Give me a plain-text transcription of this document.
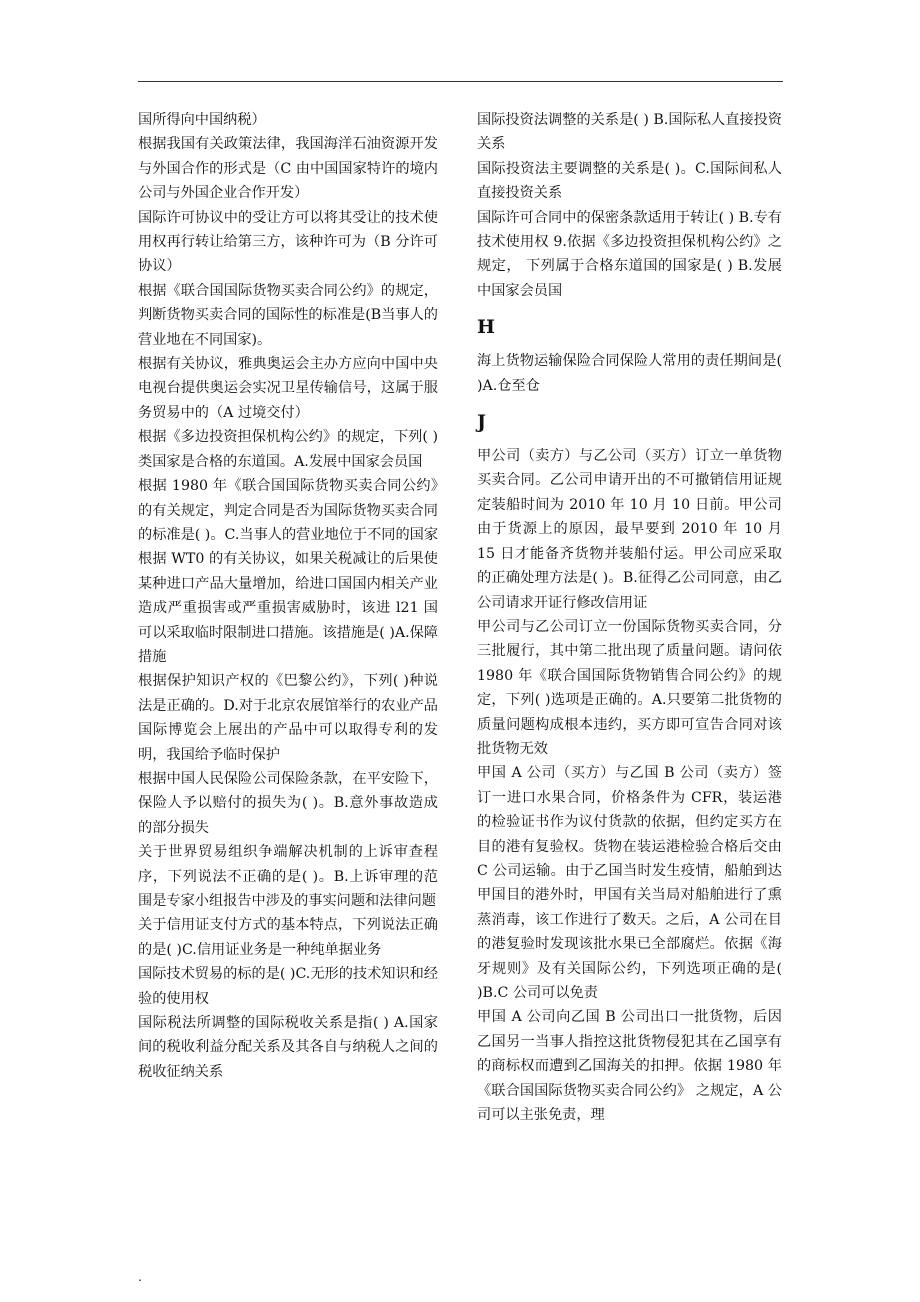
国所得向中国纳税）

根据我国有关政策法律，我国海洋石油资源开发与外国合作的形式是（C 由中国国家特许的境内公司与外国企业合作开发）

国际许可协议中的受让方可以将其受让的技术使用权再行转让给第三方，该种许可为（B 分许可协议）

根据《联合国国际货物买卖合同公约》的规定，判断货物买卖合同的国际性的标准是(B当事人的营业地在不同国家)。

根据有关协议，雅典奥运会主办方应向中国中央电视台提供奥运会实况卫星传输信号，这属于服务贸易中的（A 过境交付）

根据《多边投资担保机构公约》的规定，下列( )类国家是合格的东道国。A.发展中国家会员国

根据 1980 年《联合国国际货物买卖合同公约》的有关规定，判定合同是否为国际货物买卖合同的标准是( )。C.当事人的营业地位于不同的国家

根据 WT0 的有关协议，如果关税减让的后果使某种进口产品大量增加，给进口国国内相关产业造成严重损害或严重损害威胁时，该进 l21 国可以采取临时限制进口措施。该措施是( )A.保障措施

根据保护知识产权的《巴黎公约》，下列( )种说法是正确的。D.对于北京农展馆举行的农业产品国际博览会上展出的产品中可以取得专利的发明，我国给予临时保护

根据中国人民保险公司保险条款，在平安险下，保险人予以赔付的损失为( )。B.意外事故造成的部分损失

关于世界贸易组织争端解决机制的上诉审查程序，下列说法不正确的是( )。B.上诉审理的范围是专家小组报告中涉及的事实问题和法律问题

关于信用证支付方式的基本特点，下列说法正确的是( )C.信用证业务是一种纯单据业务

国际技术贸易的标的是( )C.无形的技术知识和经验的使用权

国际税法所调整的国际税收关系是指( ) A.国家间的税收利益分配关系及其各自与纳税人之间的税收征纳关系

国际投资法调整的关系是( ) B.国际私人直接投资关系

国际投资法主要调整的关系是( )。C.国际间私人直接投资关系

国际许可合同中的保密条款适用于转让( ) B.专有技术使用权 9.依据《多边投资担保机构公约》之规定， 下列属于合格东道国的国家是( ) B.发展中国家会员国

H

海上货物运输保险合同保险人常用的责任期间是( )A.仓至仓

J

甲公司（卖方）与乙公司（买方）订立一单货物买卖合同。乙公司申请开出的不可撤销信用证规定装船时间为 2010 年 10 月 10 日前。甲公司由于货源上的原因，最早要到 2010 年 10 月 15 日才能备齐货物并装船付运。甲公司应采取的正确处理方法是( )。B.征得乙公司同意，由乙公司请求开证行修改信用证

甲公司与乙公司订立一份国际货物买卖合同，分三批履行，其中第二批出现了质量问题。请问依 1980 年《联合国国际货物销售合同公约》的规定，下列( )选项是正确的。A.只要第二批货物的质量问题构成根本违约，买方即可宣告合同对该批货物无效

甲国 A 公司（买方）与乙国 B 公司（卖方）签订一进口水果合同，价格条件为 CFR，装运港的检验证书作为议付货款的依据，但约定买方在目的港有复验权。货物在装运港检验合格后交由 C 公司运输。由于乙国当时发生疫情，船舶到达甲国目的港外时，甲国有关当局对船舶进行了熏蒸消毒，该工作进行了数天。之后，A 公司在目的港复验时发现该批水果已全部腐烂。依据《海牙规则》及有关国际公约，下列选项正确的是( )B.C 公司可以免责

甲国 A 公司向乙国 B 公司出口一批货物，后因乙国另一当事人指控这批货物侵犯其在乙国享有的商标权而遭到乙国海关的扣押。依据 1980 年《联合国国际货物买卖合同公约》 之规定，A 公司可以主张免责，理

.
